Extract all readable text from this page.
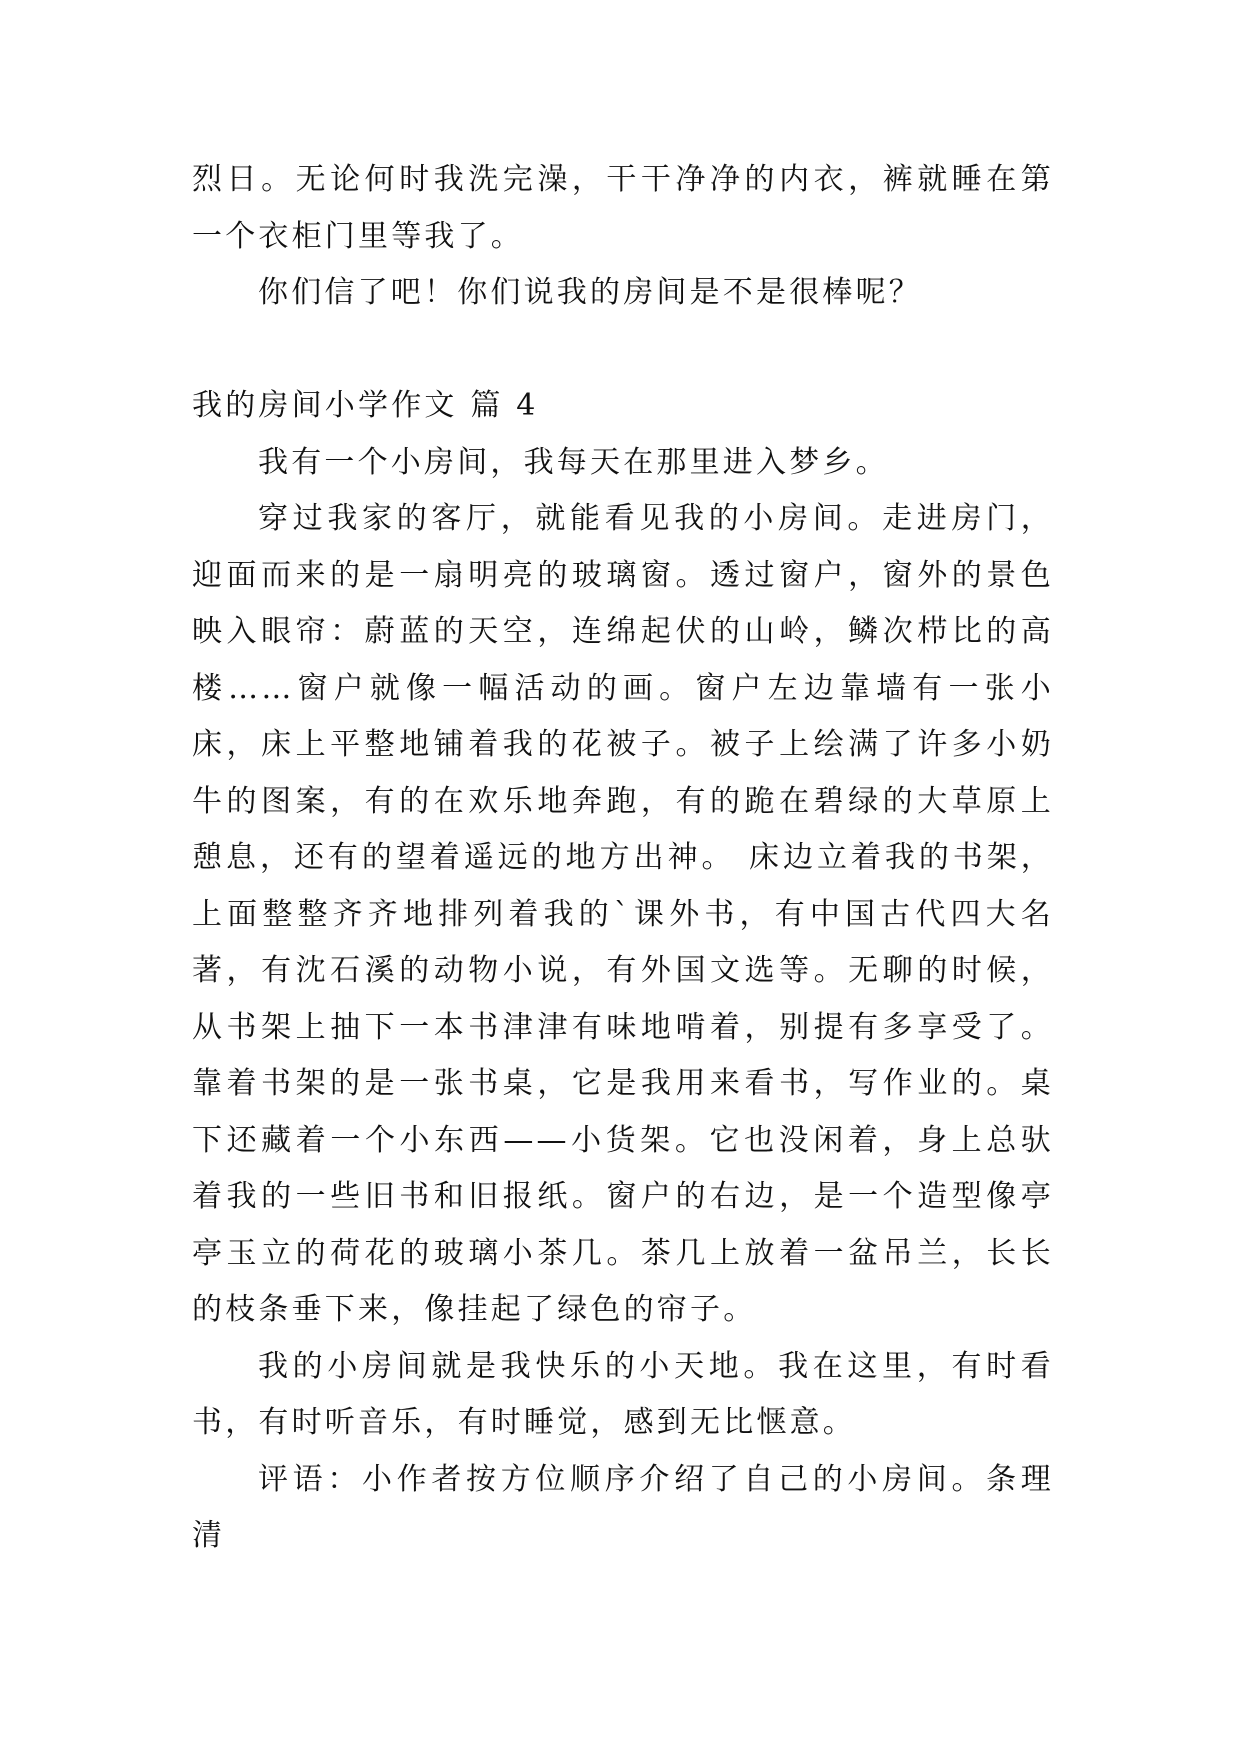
烈日。无论何时我洗完澡，干干净净的内衣，裤就睡在第一个衣柜门里等我了。

你们信了吧！你们说我的房间是不是很棒呢？

我的房间小学作文 篇 4

我有一个小房间，我每天在那里进入梦乡。

穿过我家的客厅，就能看见我的小房间。走进房门，迎面而来的是一扇明亮的玻璃窗。透过窗户，窗外的景色映入眼帘：蔚蓝的天空，连绵起伏的山岭，鳞次栉比的高楼……窗户就像一幅活动的画。窗户左边靠墙有一张小床，床上平整地铺着我的花被子。被子上绘满了许多小奶牛的图案，有的在欢乐地奔跑，有的跪在碧绿的大草原上憩息，还有的望着遥远的地方出神。 床边立着我的书架，上面整整齐齐地排列着我的`课外书，有中国古代四大名著，有沈石溪的动物小说，有外国文选等。无聊的时候，从书架上抽下一本书津津有味地啃着，别提有多享受了。靠着书架的是一张书桌，它是我用来看书，写作业的。桌下还藏着一个小东西——小货架。它也没闲着，身上总驮着我的一些旧书和旧报纸。窗户的右边，是一个造型像亭亭玉立的荷花的玻璃小茶几。茶几上放着一盆吊兰，长长的枝条垂下来，像挂起了绿色的帘子。

我的小房间就是我快乐的小天地。我在这里，有时看书，有时听音乐，有时睡觉，感到无比惬意。

评语：小作者按方位顺序介绍了自己的小房间。条理清
